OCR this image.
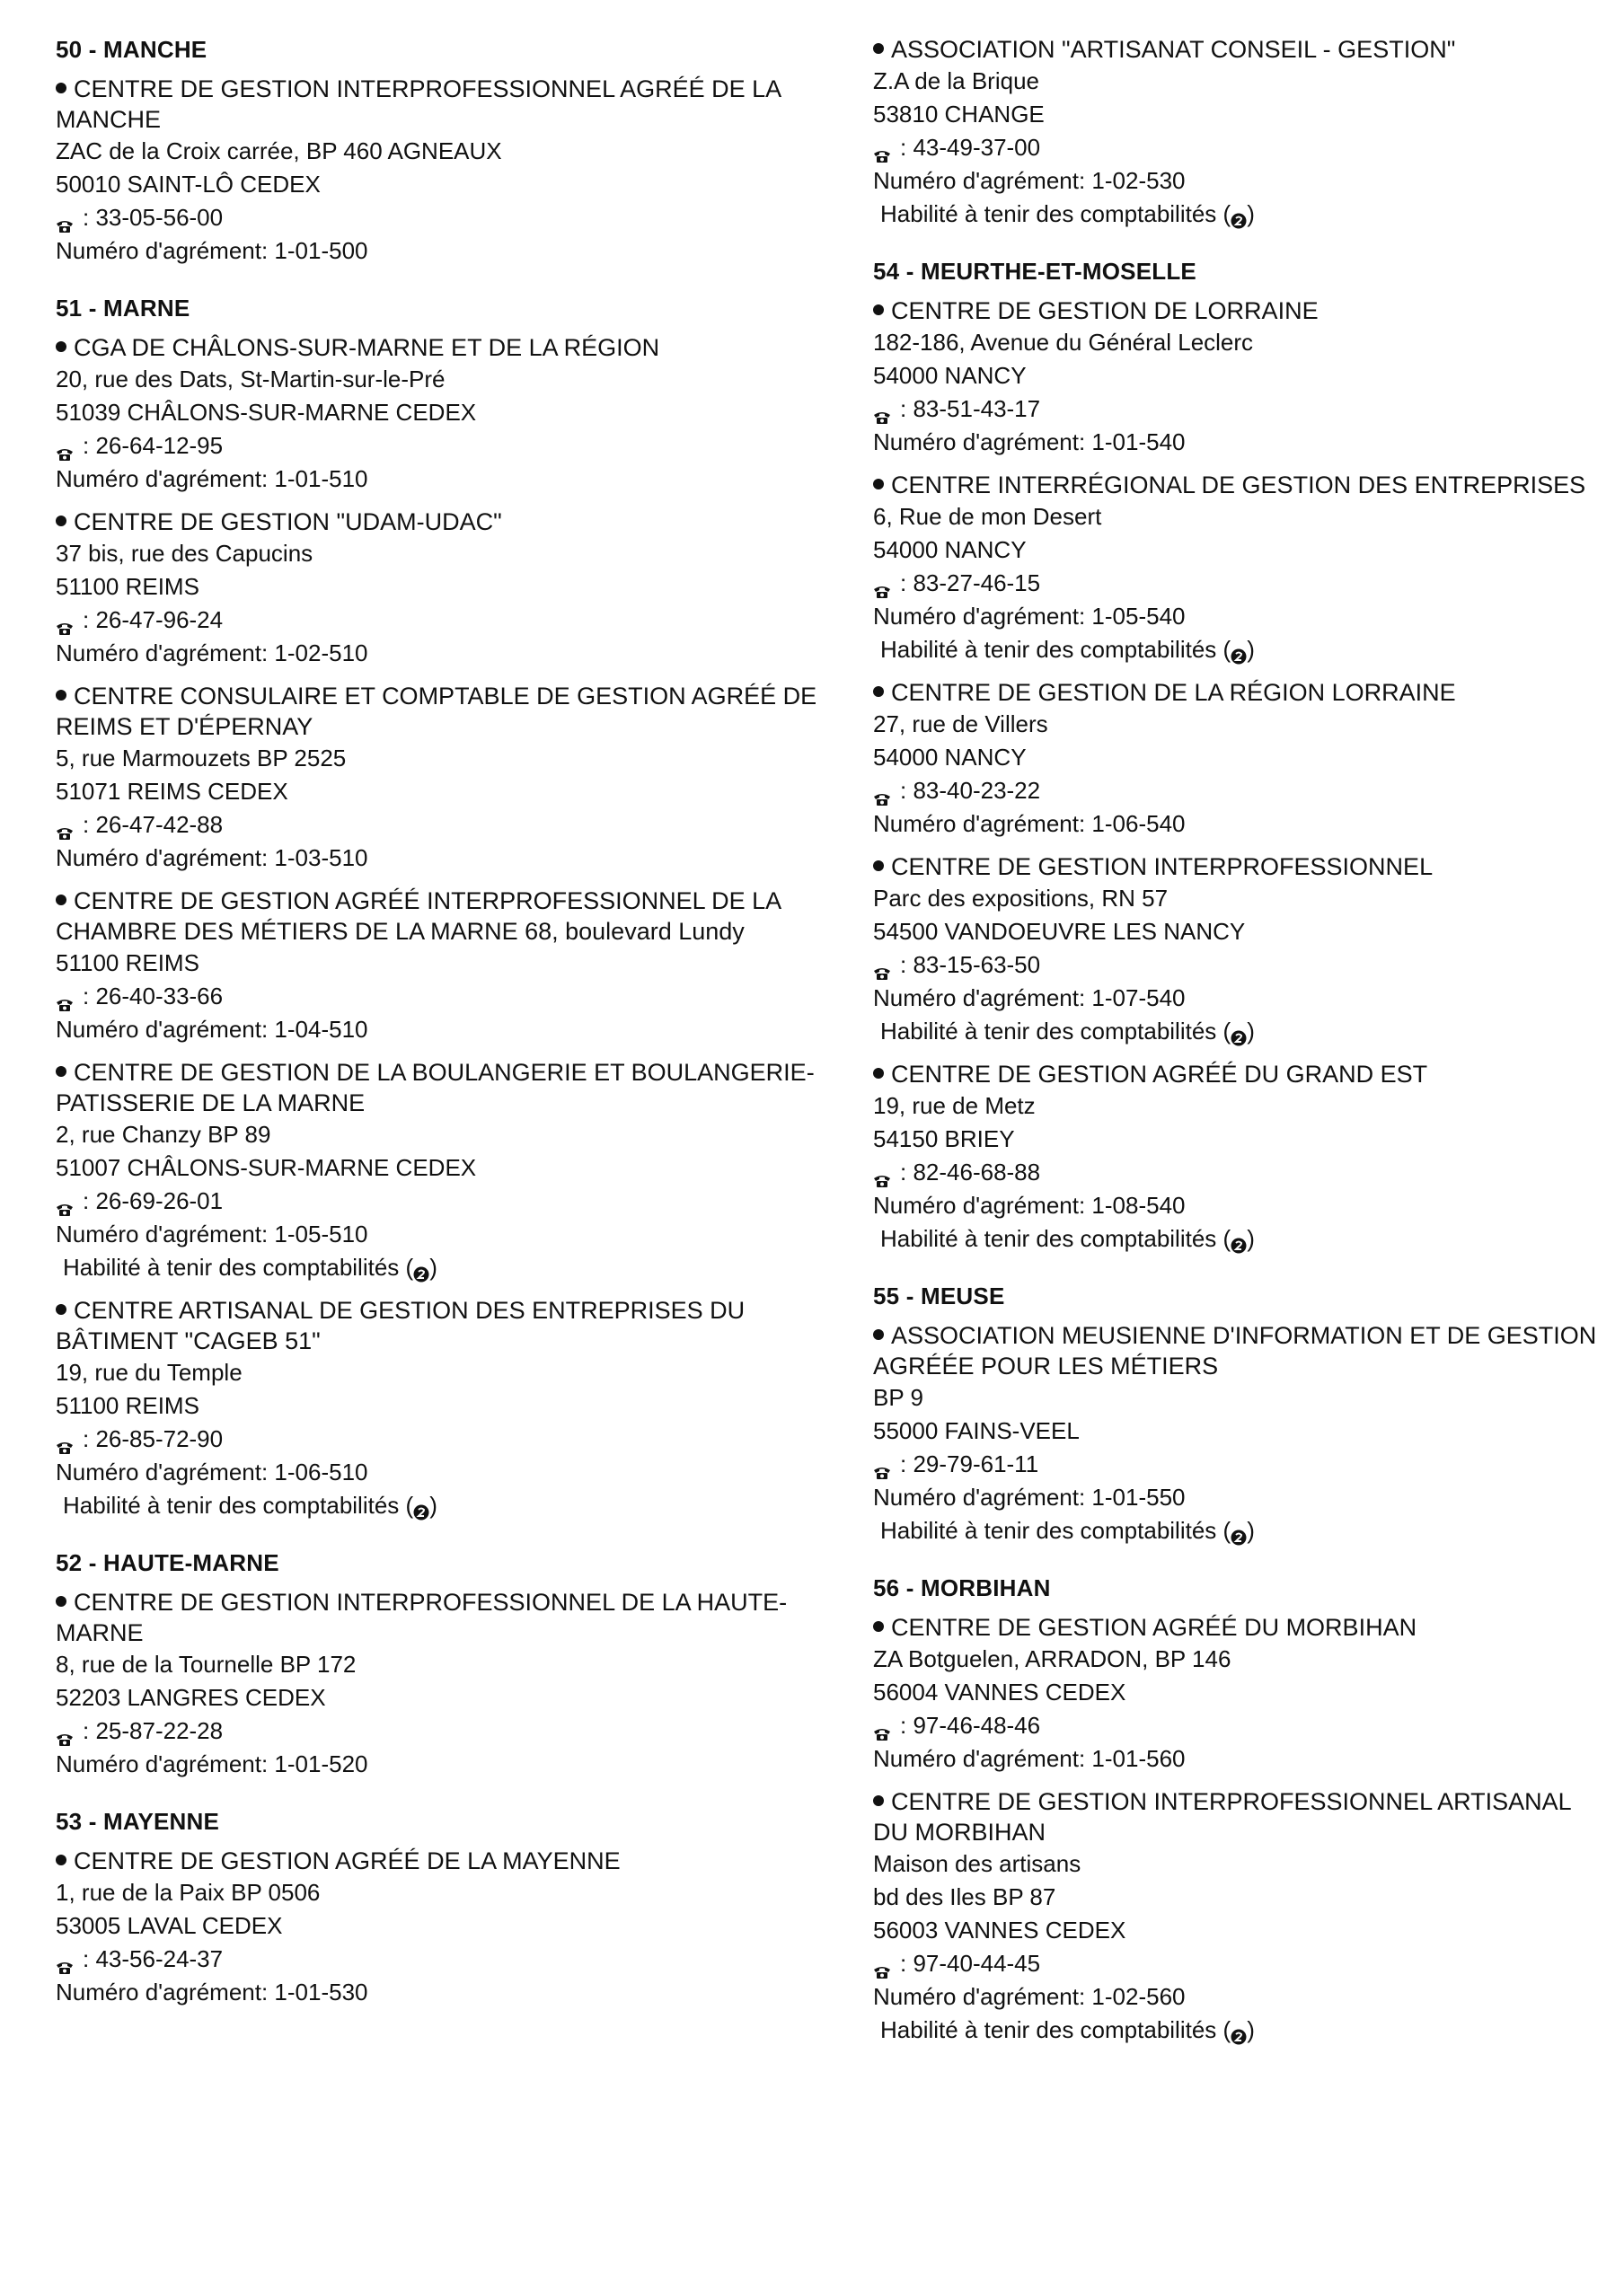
50 - MANCHE
CENTRE DE GESTION INTERPROFESSIONNEL AGRÉÉ DE LA MANCHE
ZAC de la Croix carrée, BP 460 AGNEAUX
50010 SAINT-LÔ CEDEX
: 33-05-56-00
Numéro d'agrément: 1-01-500
51 - MARNE
CGA DE CHÂLONS-SUR-MARNE ET DE LA RÉGION
20, rue des Dats, St-Martin-sur-le-Pré
51039 CHÂLONS-SUR-MARNE CEDEX
: 26-64-12-95
Numéro d'agrément: 1-01-510
CENTRE DE GESTION "UDAM-UDAC"
37 bis, rue des Capucins
51100 REIMS
: 26-47-96-24
Numéro d'agrément: 1-02-510
CENTRE CONSULAIRE ET COMPTABLE DE GESTION AGRÉÉ DE REIMS ET D'ÉPERNAY
5, rue Marmouzets BP 2525
51071 REIMS CEDEX
: 26-47-42-88
Numéro d'agrément: 1-03-510
CENTRE DE GESTION AGRÉÉ INTERPROFESSIONNEL DE LA CHAMBRE DES MÉTIERS DE LA MARNE 68, boulevard Lundy
51100 REIMS
: 26-40-33-66
Numéro d'agrément: 1-04-510
CENTRE DE GESTION DE LA BOULANGERIE ET BOULANGERIE-PATISSERIE DE LA MARNE
2, rue Chanzy BP 89
51007 CHÂLONS-SUR-MARNE CEDEX
: 26-69-26-01
Numéro d'agrément: 1-05-510
Habilité à tenir des comptabilités ( )
CENTRE ARTISANAL DE GESTION DES ENTREPRISES DU BÂTIMENT "CAGEB 51"
19, rue du Temple
51100 REIMS
: 26-85-72-90
Numéro d'agrément: 1-06-510
Habilité à tenir des comptabilités ( )
52 - HAUTE-MARNE
CENTRE DE GESTION INTERPROFESSIONNEL DE LA HAUTE-MARNE
8, rue de la Tournelle BP 172
52203 LANGRES CEDEX
: 25-87-22-28
Numéro d'agrément: 1-01-520
53 - MAYENNE
CENTRE DE GESTION AGRÉÉ DE LA MAYENNE
1, rue de la Paix BP 0506
53005 LAVAL CEDEX
: 43-56-24-37
Numéro d'agrément: 1-01-530
ASSOCIATION "ARTISANAT CONSEIL - GESTION"
Z.A de la Brique
53810 CHANGE
: 43-49-37-00
Numéro d'agrément: 1-02-530
Habilité à tenir des comptabilités ( )
54 - MEURTHE-ET-MOSELLE
CENTRE DE GESTION DE LORRAINE
182-186, Avenue du Général Leclerc
54000 NANCY
: 83-51-43-17
Numéro d'agrément: 1-01-540
CENTRE INTERRÉGIONAL DE GESTION DES ENTREPRISES
6, Rue de mon Desert
54000 NANCY
: 83-27-46-15
Numéro d'agrément: 1-05-540
Habilité à tenir des comptabilités ( )
CENTRE DE GESTION DE LA RÉGION LORRAINE
27, rue de Villers
54000 NANCY
: 83-40-23-22
Numéro d'agrément: 1-06-540
CENTRE DE GESTION INTERPROFESSIONNEL
Parc des expositions, RN 57
54500 VANDOEUVRE LES NANCY
: 83-15-63-50
Numéro d'agrément: 1-07-540
Habilité à tenir des comptabilités ( )
CENTRE DE GESTION AGRÉÉ DU GRAND EST
19, rue de Metz
54150 BRIEY
: 82-46-68-88
Numéro d'agrément: 1-08-540
Habilité à tenir des comptabilités ( )
55 - MEUSE
ASSOCIATION MEUSIENNE D'INFORMATION ET DE GESTION AGRÉÉE POUR LES MÉTIERS
BP 9
55000 FAINS-VEEL
: 29-79-61-11
Numéro d'agrément: 1-01-550
Habilité à tenir des comptabilités ( )
56 - MORBIHAN
CENTRE DE GESTION AGRÉÉ DU MORBIHAN
ZA Botguelen, ARRADON, BP 146
56004 VANNES CEDEX
: 97-46-48-46
Numéro d'agrément: 1-01-560
CENTRE DE GESTION INTERPROFESSIONNEL ARTISANAL DU MORBIHAN
Maison des artisans
bd des Iles BP 87
56003 VANNES CEDEX
: 97-40-44-45
Numéro d'agrément: 1-02-560
Habilité à tenir des comptabilités ( )
